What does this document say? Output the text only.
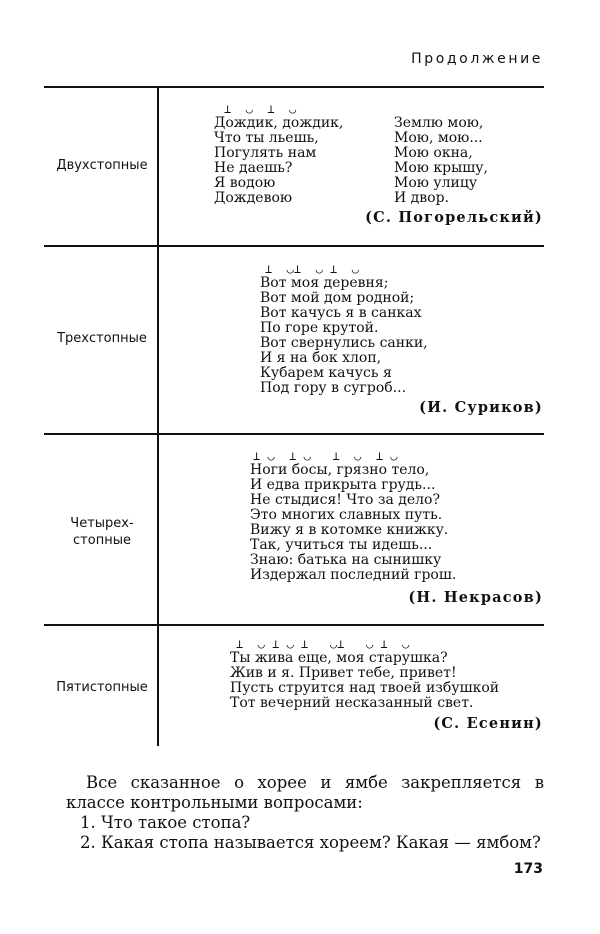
Продолжение
Двухстопные
⊥  ◡  ⊥  ◡
Дождик, дождик,
Что ты льешь,
Погулять нам
Не даешь?
Я водою
Дождевою
Землю мою,
Мою, мою...
Мою окна,
Мою крышу,
Мою улицу
И двор.
(С. Погорельский)
Трехстопные
⊥  ◡⊥  ◡ ⊥  ◡
Вот моя деревня;
Вот мой дом родной;
Вот качусь я в санках
По горе крутой.
Вот свернулись санки,
И я на бок хлоп,
Кубарем качусь я
Под гору в сугроб...
(И. Суриков)
Четырех-
стопные
⊥ ◡  ⊥ ◡   ⊥  ◡  ⊥ ◡
Ноги босы, грязно тело,
И едва прикрыта грудь...
Не стыдися! Что за дело?
Это многих славных путь.
Вижу я в котомке книжку.
Так, учиться ты идешь...
Знаю: батька на сынишку
Издержал последний грош.
(Н. Некрасов)
Пятистопные
⊥  ◡ ⊥ ◡ ⊥   ◡⊥   ◡ ⊥  ◡
Ты жива еще, моя старушка?
Жив и я. Привет тебе, привет!
Пусть струится над твоей избушкой
Тот вечерний несказанный свет.
(С. Есенин)

Все сказанное о хорее и ямбе закрепляется в классе контрольными вопросами:

1. Что такое стопа?
2. Какая стопа называется хореем? Какая — ямбом?
173
